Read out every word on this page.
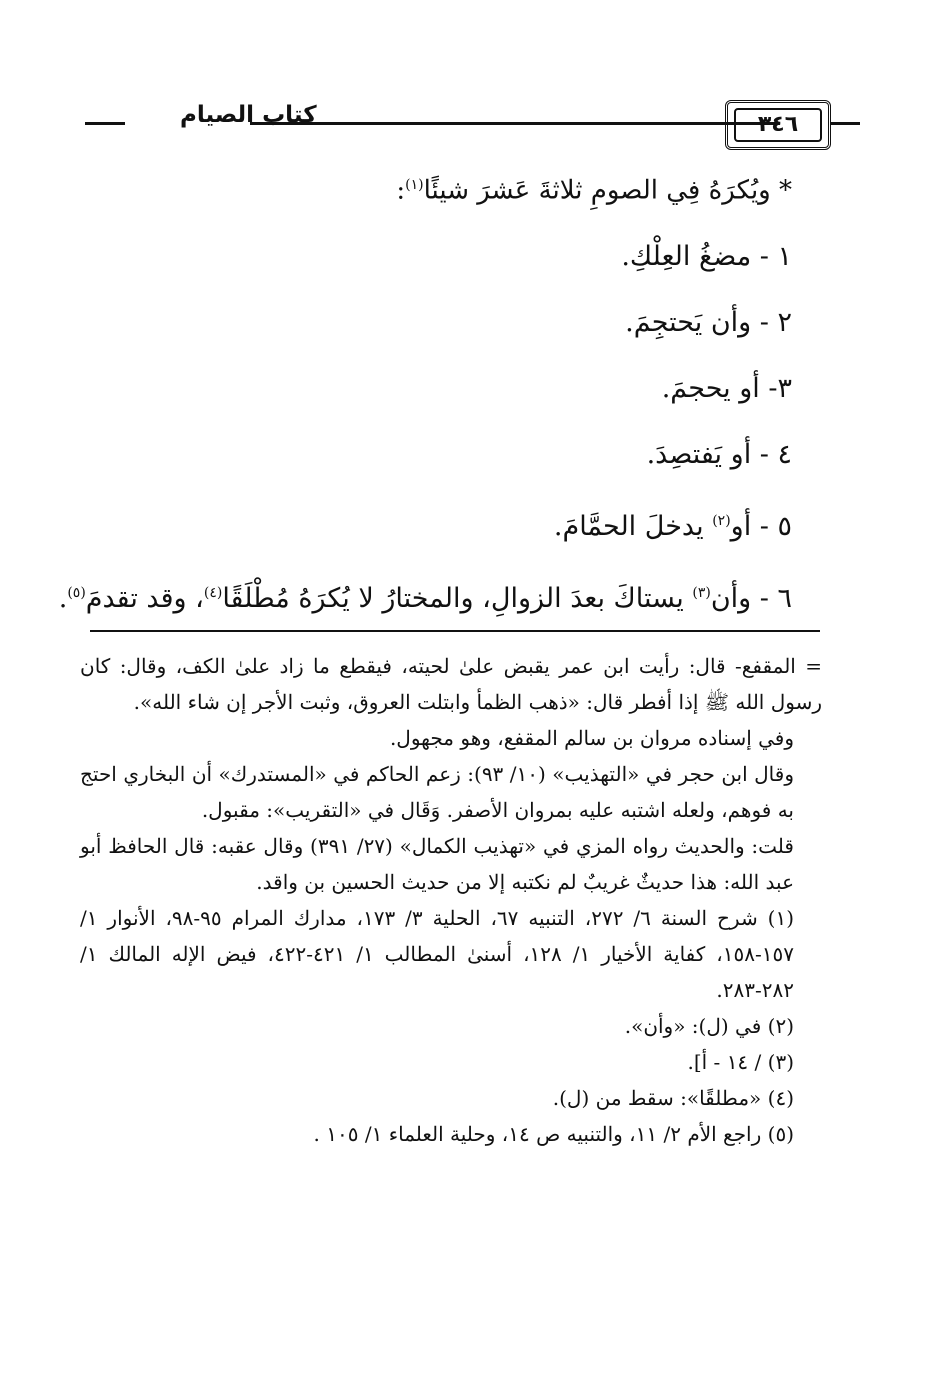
كتاب الصيام	٣٤٦

* ويُكرَهُ فِي الصومِ ثلاثةَ عَشرَ شيئًا$^{(١)}$:

١ - مضغُ العِلْكِ.

٢ - وأن يَحتجِمَ.

٣- أو يحجمَ.

٤ - أو يَفتصِدَ.

٥ - أو$^{(٢)}$ يدخلَ الحمَّامَ.

٦ - وأن$^{(٣)}$ يستاكَ بعدَ الزوالِ، والمختارُ لا يُكرَهُ مُطْلَقًا$^{(٤)}$، وقد تقدمَ$^{(٥)}$.

= المقفع- قال: رأيت ابن عمر يقبض علىٰ لحيته، فيقطع ما زاد علىٰ الكف، وقال: كان رسول الله ﷺ إذا أفطر قال: «ذهب الظمأ وابتلت العروق، وثبت الأجر إن شاء الله».

وفي إسناده مروان بن سالم المقفع، وهو مجهول.

وقال ابن حجر في «التهذيب» (١٠/ ٩٣): زعم الحاكم في «المستدرك» أن البخاري احتج به فوهم، ولعله اشتبه عليه بمروان الأصفر. وَقَال في «التقريب»: مقبول.

قلت: والحديث رواه المزي في «تهذيب الكمال» (٢٧/ ٣٩١) وقال عقبه: قال الحافظ أبو عبد الله: هذا حديثٌ غريبٌ لم نكتبه إلا من حديث الحسين بن واقد.

(١) شرح السنة ٦/ ٢٧٢، التنبيه ٦٧، الحلية ٣/ ١٧٣، مدارك المرام ٩٥-٩٨، الأنوار ١/ ١٥٧-١٥٨، كفاية الأخيار ١/ ١٢٨، أسنىٰ المطالب ١/ ٤٢١-٤٢٢، فيض الإله المالك ١/ ٢٨٢-٢٨٣.

(٢) في (ل): «وأن».

(٣) / ١٤ - أ].

(٤) «مطلقًا»: سقط من (ل).

(٥) راجع الأم ٢/ ١١، والتنبيه ص ١٤، وحلية العلماء ١/ ١٠٥ .
